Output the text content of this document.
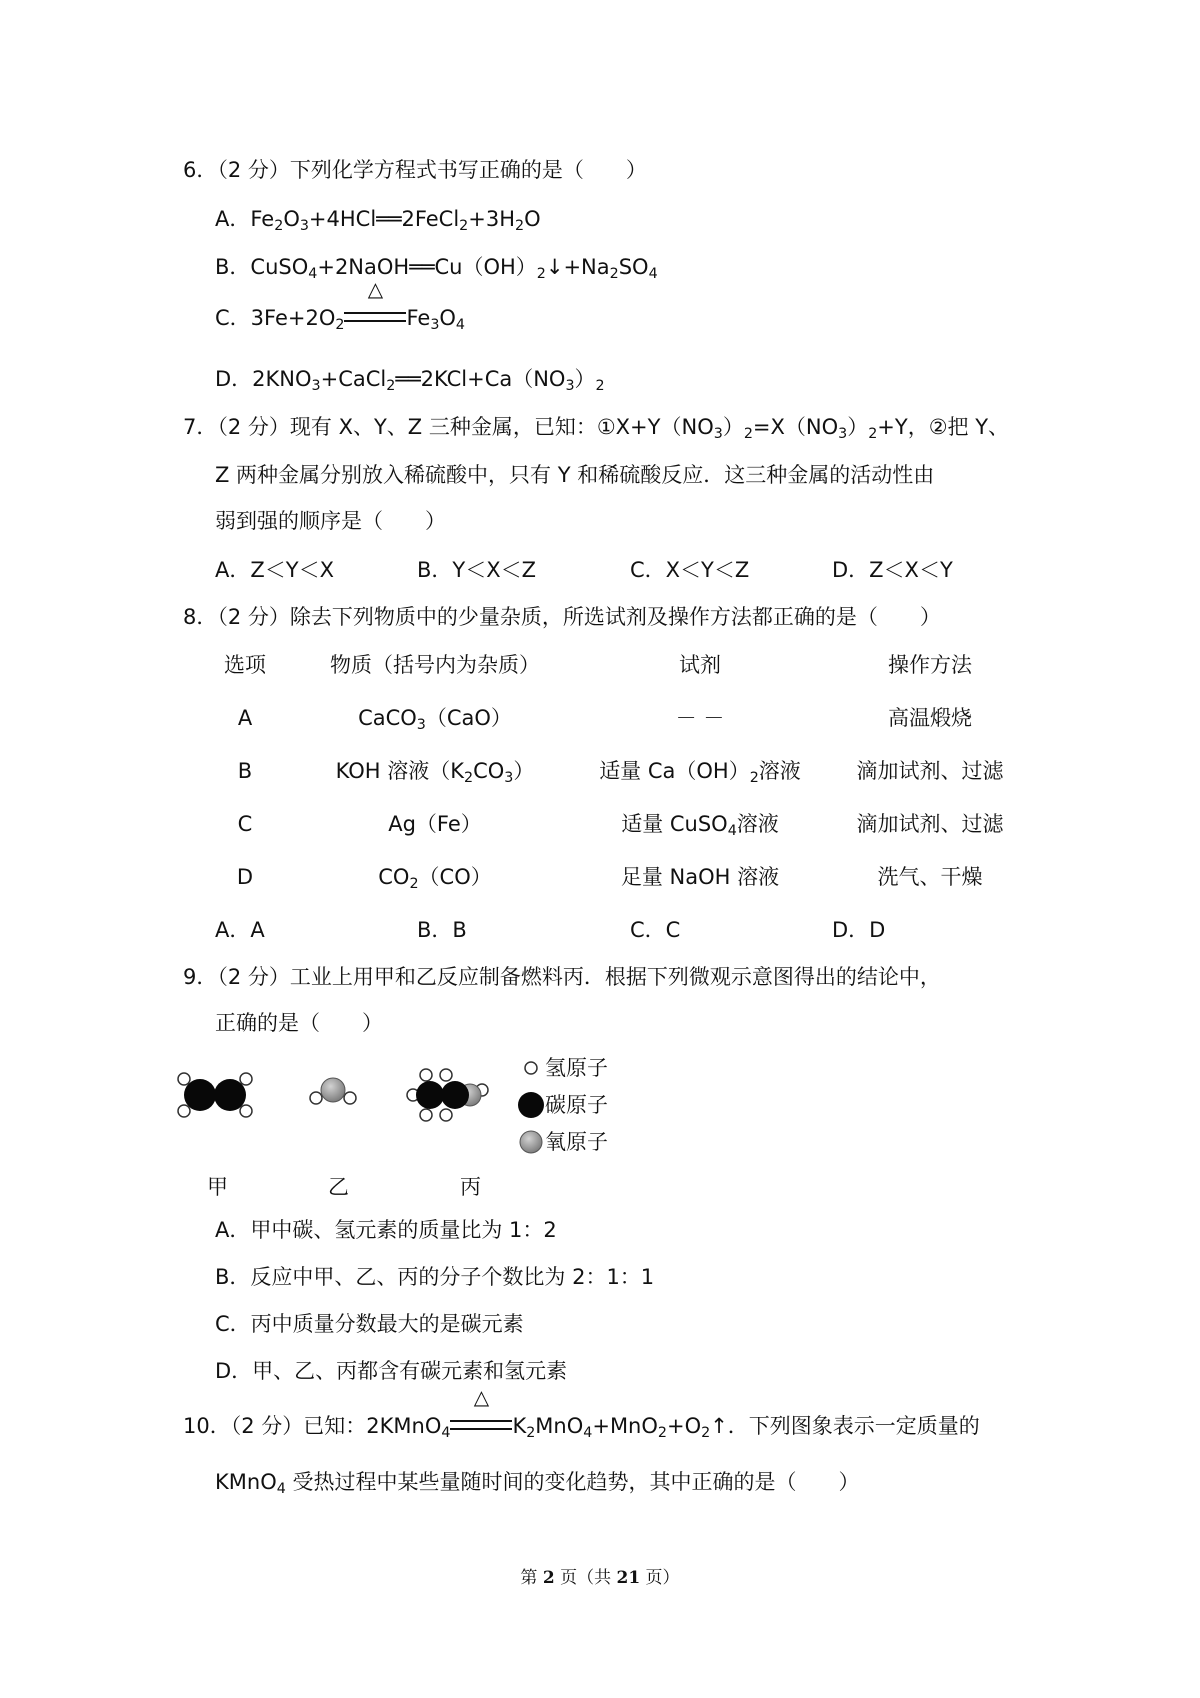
6．（2 分）下列化学方程式书写正确的是（　　）
A．$Fe_2O_3+4HCl══2FeCl_2+3H_2O$
B．$CuSO_4+2NaOH══Cu(OH)_2↓+Na_2SO_4$
C．$3Fe+2O_2$
△
$Fe_3O_4$
D．$2KNO_3+CaCl_2══2KCl+Ca(NO_3)_2$
7．（2 分）现有 X、Y、Z 三种金属，已知：$①X+Y(NO_3)_2=X(NO_3)_2+Y$，②把 Y、
Z 两种金属分别放入稀硫酸中，只有 Y 和稀硫酸反应．这三种金属的活动性由
弱到强的顺序是（　　）
A．Z＜Y＜X	B．Y＜X＜Z	C．X＜Y＜Z	D．Z＜X＜Y
8．（2 分）除去下列物质中的少量杂质，所选试剂及操作方法都正确的是（　　）
选项	物质（括号内为杂质）	试剂	操作方法
A	CaCO$_3$（CaO）	－ －	高温煅烧
B	KOH 溶液$(K_2CO_3)$	适量 $Ca(OH)_2$溶液	滴加试剂、过滤
C	Ag（Fe）	适量 CuSO$_4$溶液	滴加试剂、过滤
D	$CO_2(CO)$	足量 NaOH 溶液	洗气、干燥
A．A	B．B	C．C	D．D
9．（2 分）工业上用甲和乙反应制备燃料丙．根据下列微观示意图得出的结论中，
正确的是（　　）
氢原子
碳原子
氧原子
甲	乙	丙
A．甲中碳、氢元素的质量比为 1：2
B．反应中甲、乙、丙的分子个数比为 2：1：1
C．丙中质量分数最大的是碳元素
D．甲、乙、丙都含有碳元素和氢元素
10．（2 分）已知：2KMnO$_4$
△
$K_2MnO_4+MnO_2+O_2↑$．下列图象表示一定质量的
KMnO$_4$ 受热过程中某些量随时间的变化趋势，其中正确的是（　　）
第 2 页（共 21 页）
